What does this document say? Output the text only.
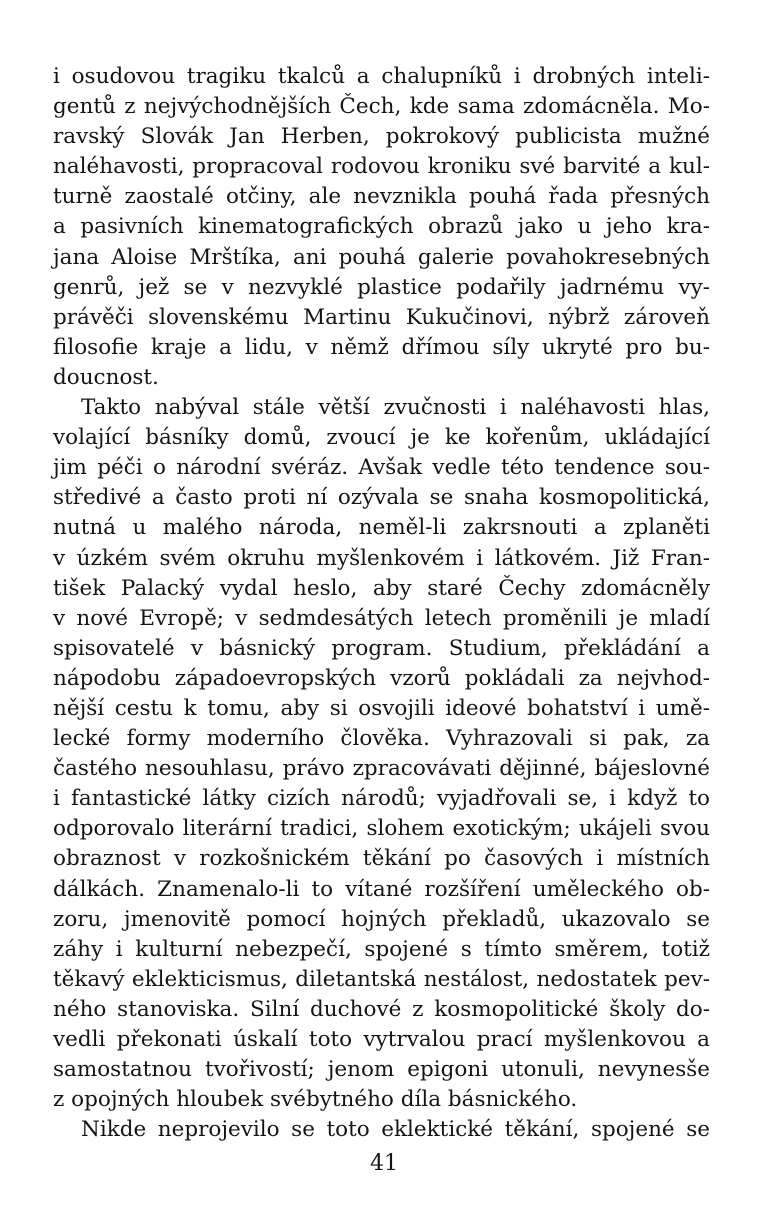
i osudovou tragiku tkalců a chalupníků i drobných inteli-
gentů z nejvýchodnějších Čech, kde sama zdomácněla. Mo-
ravský Slovák Jan Herben, pokrokový publicista mužné
naléhavosti, propracoval rodovou kroniku své barvité a kul-
turně zaostalé otčiny, ale nevznikla pouhá řada přesných
a pasivních kinematografických obrazů jako u jeho kra-
jana Aloise Mrštíka, ani pouhá galerie povahokresebných
genrů, jež se v nezvyklé plastice podařily jadrnému vy-
právěči slovenskému Martinu Kukučinovi, nýbrž zároveň
filosofie kraje a lidu, v němž dřímou síly ukryté pro bu-
doucnost.
Takto nabýval stále větší zvučnosti i naléhavosti hlas,
volající básníky domů, zvoucí je ke kořenům, ukládající
jim péči o národní svéráz. Avšak vedle této tendence sou-
středivé a často proti ní ozývala se snaha kosmopolitická,
nutná u malého národa, neměl-li zakrsnouti a zplaněti
v úzkém svém okruhu myšlenkovém i látkovém. Již Fran-
tišek Palacký vydal heslo, aby staré Čechy zdomácněly
v nové Evropě; v sedmdesátých letech proměnili je mladí
spisovatelé v básnický program. Studium, překládání a
nápodobu západoevropských vzorů pokládali za nejvhod-
nější cestu k tomu, aby si osvojili ideové bohatství i umě-
lecké formy moderního člověka. Vyhrazovali si pak, za
častého nesouhlasu, právo zpracovávati dějinné, bájeslovné
i fantastické látky cizích národů; vyjadřovali se, i když to
odporovalo literární tradici, slohem exotickým; ukájeli svou
obraznost v rozkošnickém těkání po časových i místních
dálkách. Znamenalo-li to vítané rozšíření uměleckého ob-
zoru, jmenovitě pomocí hojných překladů, ukazovalo se
záhy i kulturní nebezpečí, spojené s tímto směrem, totiž
těkavý eklekticismus, diletantská nestálost, nedostatek pev-
ného stanoviska. Silní duchové z kosmopolitické školy do-
vedli překonati úskalí toto vytrvalou prací myšlenkovou a
samostatnou tvořivostí; jenom epigoni utonuli, nevynesše
z opojných hloubek svébytného díla básnického.
Nikde neprojevilo se toto eklektické těkání, spojené se
41
